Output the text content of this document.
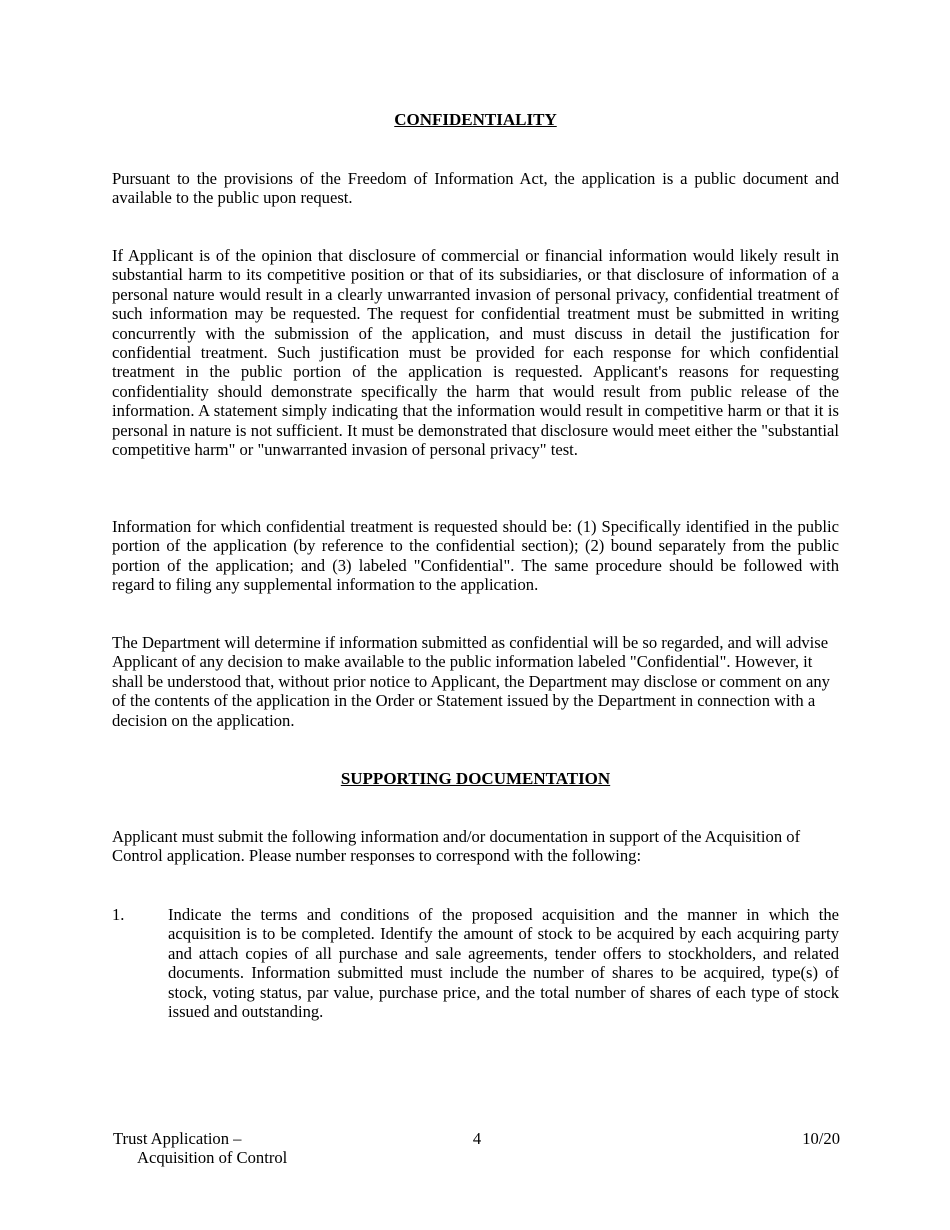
CONFIDENTIALITY

Pursuant to the provisions of the Freedom of Information Act, the application is a public document and available to the public upon request.

If Applicant is of the opinion that disclosure of commercial or financial information would likely result in substantial harm to its competitive position or that of its subsidiaries, or that disclosure of information of a personal nature would result in a clearly unwarranted invasion of personal privacy, confidential treatment of such information may be requested. The request for confidential treatment must be submitted in writing concurrently with the submission of the application, and must discuss in detail the justification for confidential treatment. Such justification must be provided for each response for which confidential treatment in the public portion of the application is requested. Applicant's reasons for requesting confidentiality should demonstrate specifically the harm that would result from public release of the information. A statement simply indicating that the information would result in competitive harm or that it is personal in nature is not sufficient. It must be demonstrated that disclosure would meet either the "substantial competitive harm" or "unwarranted invasion of personal privacy" test.

Information for which confidential treatment is requested should be: (1) Specifically identified in the public portion of the application (by reference to the confidential section); (2) bound separately from the public portion of the application; and (3) labeled "Confidential". The same procedure should be followed with regard to filing any supplemental information to the application.

The Department will determine if information submitted as confidential will be so regarded, and will advise Applicant of any decision to make available to the public information labeled "Confidential". However, it shall be understood that, without prior notice to Applicant, the Department may disclose or comment on any of the contents of the application in the Order or Statement issued by the Department in connection with a decision on the application.

SUPPORTING DOCUMENTATION

Applicant must submit the following information and/or documentation in support of the Acquisition of Control application. Please number responses to correspond with the following:

1.	Indicate the terms and conditions of the proposed acquisition and the manner in which the acquisition is to be completed. Identify the amount of stock to be acquired by each acquiring party and attach copies of all purchase and sale agreements, tender offers to stockholders, and related documents. Information submitted must include the number of shares to be acquired, type(s) of stock, voting status, par value, purchase price, and the total number of shares of each type of stock issued and outstanding.

Trust Application –
Acquisition of Control
4	10/20
